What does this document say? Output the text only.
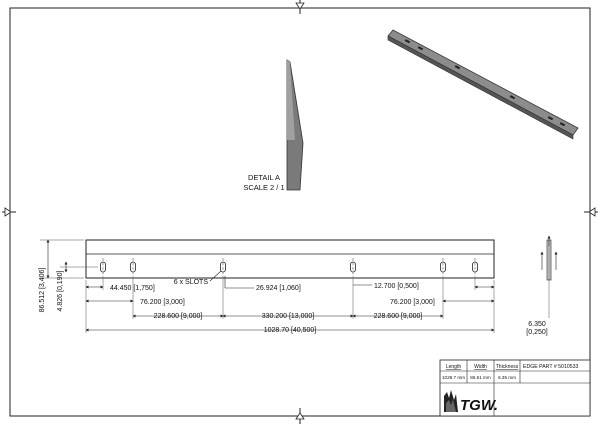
DETAIL A
SCALE 2 / 1
6 x SLOTS
26.924 [1,060]
44.450 [1,750]	12.700 [0,500]
76.200 [3,000]	76.200 [3,000]
228.600 [9,000]	330.200 [13,000]	228.600 [9,000]
1028.70 [40,500]
86.512 [3,406] 4.826 [0,190]
6.350
[0,250]
Length	Width Thickness
1028.7 mm 86.51 mm 6.35 mm
EDGE PART # 5010533
TGW.
